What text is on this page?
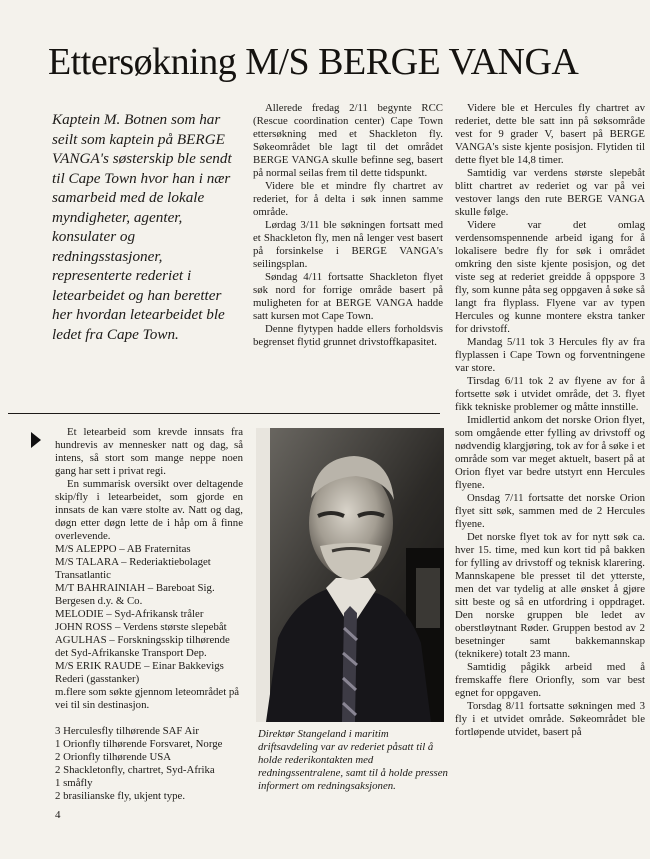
Ettersøkning M/S BERGE VANGA

Kaptein M. Botnen som har seilt som kaptein på BERGE VANGA's søsterskip ble sendt til Cape Town hvor han i nær samarbeid med de lokale myndigheter, agenter, konsulater og redningsstasjoner, representerte rederiet i letearbeidet og han beretter her hvordan letearbeidet ble ledet fra Cape Town.

Allerede fredag 2/11 begynte RCC (Rescue coordination center) Cape Town ettersøkning med et Shackleton fly. Søkeområdet ble lagt til det området BERGE VANGA skulle befinne seg, basert på normal seilas frem til dette tidspunkt.

Videre ble et mindre fly chartret av rederiet, for å delta i søk innen samme område.

Lørdag 3/11 ble søkningen fortsatt med et Shackleton fly, men nå lenger vest basert på forsinkelse i BERGE VANGA's seilingsplan.

Søndag 4/11 fortsatte Shackleton flyet søk nord for forrige område basert på muligheten for at BERGE VANGA hadde satt kursen mot Cape Town.

Denne flytypen hadde ellers forholdsvis begrenset flytid grunnet drivstoffkapasitet.

Videre ble et Hercules fly chartret av rederiet, dette ble satt inn på søksområde vest for 9 grader V, basert på BERGE VANGA's siste kjente posisjon. Flytiden til dette flyet ble 14,8 timer.

Samtidig var verdens største slepebåt blitt chartret av rederiet og var på vei vestover langs den rute BERGE VANGA skulle følge.

Videre var det omlag verdensomspennende arbeid igang for å lokalisere bedre fly for søk i området omkring den siste kjente posisjon, og det viste seg at rederiet greidde å oppspore 3 fly, som kunne påta seg oppgaven å søke så langt fra flyplass. Flyene var av typen Hercules og kunne montere ekstra tanker for drivstoff.

Mandag 5/11 tok 3 Hercules fly av fra flyplassen i Cape Town og forventningene var store.

Tirsdag 6/11 tok 2 av flyene av for å fortsette søk i utvidet område, det 3. flyet fikk tekniske problemer og måtte innstille.

Imidlertid ankom det norske Orion flyet, som omgående etter fylling av drivstoff og nødvendig klargjøring, tok av for å søke i et område som var meget aktuelt, basert på at Orion flyet var bedre utstyrt enn Hercules flyene.

Onsdag 7/11 fortsatte det norske Orion flyet sitt søk, sammen med de 2 Hercules flyene.

Det norske flyet tok av for nytt søk ca. hver 15. time, med kun kort tid på bakken for fylling av drivstoff og teknisk klarering. Mannskapene ble presset til det ytterste, men det var tydelig at alle ønsket å gjøre sitt beste og så en utfordring i oppdraget. Den norske gruppen ble ledet av oberstløytnant Røder. Gruppen bestod av 2 besetninger samt bakkemannskap (teknikere) totalt 23 mann.

Samtidig pågikk arbeid med å fremskaffe flere Orionfly, som var best egnet for oppgaven.

Torsdag 8/11 fortsatte søkningen med 3 fly i et utvidet område. Søkeområdet ble fortløpende utvidet, basert på

Et letearbeid som krevde innsats fra hundrevis av mennesker natt og dag, så intens, så stort som mange neppe noen gang har sett i privat regi.

En summarisk oversikt over deltagende skip/fly i letearbeidet, som gjorde en innsats de kan være stolte av. Natt og dag, døgn etter døgn lette de i håp om å finne overlevende.

M/S ALEPPO – AB Fraternitas
M/S TALARA – Rederiaktiebolaget Transatlantic
M/T BAHRAINIAH – Bareboat Sig. Bergesen d.y. & Co.
MELODIE – Syd-Afrikansk tråler
JOHN ROSS – Verdens største slepebåt
AGULHAS – Forskningsskip tilhørende det Syd-Afrikanske Transport Dep.
M/S ERIK RAUDE – Einar Bakkevigs Rederi (gasstanker)
m.flere som søkte gjennom leteområdet på vei til sin destinasjon.
3 Herculesfly tilhørende SAF Air
1 Orionfly tilhørende Forsvaret, Norge
2 Orionfly tilhørende USA
2 Shackletonfly, chartret, Syd-Afrika
1 småfly
2 brasilianske fly, ukjent type.
Direktør Stangeland i maritim driftsavdeling var av rederiet påsatt til å holde rederikontakten med redningssentralene, samt til å holde pressen informert om redningsaksjonen.
4
